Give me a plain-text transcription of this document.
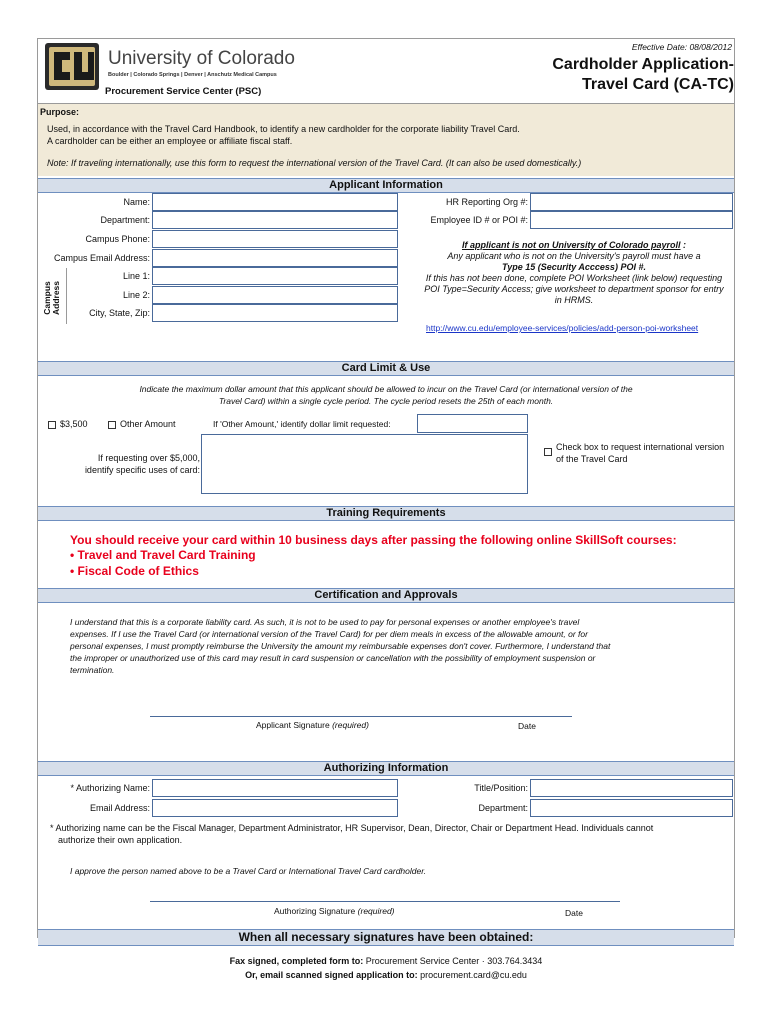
University of Colorado
Boulder | Colorado Springs | Denver | Anschutz Medical Campus
Procurement Service Center (PSC)
Effective Date: 08/08/2012
Cardholder Application-
Travel Card (CA-TC)
Purpose:
Used, in accordance with the Travel Card Handbook, to identify a new cardholder for the corporate liability Travel Card.
A cardholder can be either an employee or affiliate fiscal staff.
Note: If traveling internationally, use this form to request the international version of the Travel Card. (It can also be used domestically.)
Applicant Information
Name:
Department:
Campus Phone:
Campus Email Address:
Campus Address
Line 1:
Line 2:
City, State, Zip:
HR Reporting Org #:
Employee ID # or POI #:
If applicant is not on University of Colorado payroll :
Any applicant who is not on the University's payroll must have a
Type 15 (Security Acccess) POI #.
If this has not been done, complete POI Worksheet (link below) requesting
POI Type=Security Access; give worksheet to department sponsor for entry
in HRMS.
http://www.cu.edu/employee-services/policies/add-person-poi-worksheet
Card Limit & Use
Indicate the maximum dollar amount that this applicant should be allowed to incur on the Travel Card (or international version of the
Travel Card) within a single cycle period. The cycle period resets the 25th of each month.
$3,500	Other Amount	If 'Other Amount,' identify dollar limit requested:
If requesting over $5,000,
identify specific uses of card:
Check box to request international version
of the Travel Card
Training Requirements
You should receive your card within 10 business days after passing the following online SkillSoft courses:
• Travel and Travel Card Training
• Fiscal Code of Ethics
Certification and Approvals
I understand that this is a corporate liability card. As such, it is not to be used to pay for personal expenses or another employee's travel
expenses. If I use the Travel Card (or international version of the Travel Card) for per diem meals in excess of the allowable amount, or for
personal expenses, I must promptly reimburse the University the amount my reimbursable expenses don't cover. Furthermore, I understand that
the improper or unauthorized use of this card may result in card suspension or cancellation with the possibility of employment suspension or
termination.
Applicant Signature (required)	Date
Authorizing Information
* Authorizing Name:
Email Address:
Title/Position:
Department:
* Authorizing name can be the Fiscal Manager, Department Administrator, HR Supervisor, Dean, Director, Chair or Department Head. Individuals cannot
authorize their own application.
I approve the person named above to be a Travel Card or International Travel Card cardholder.
Authorizing Signature (required)	Date
When all necessary signatures have been obtained:
Fax signed, completed form to: Procurement Service Center · 303.764.3434
Or, email scanned signed application to: procurement.card@cu.edu
